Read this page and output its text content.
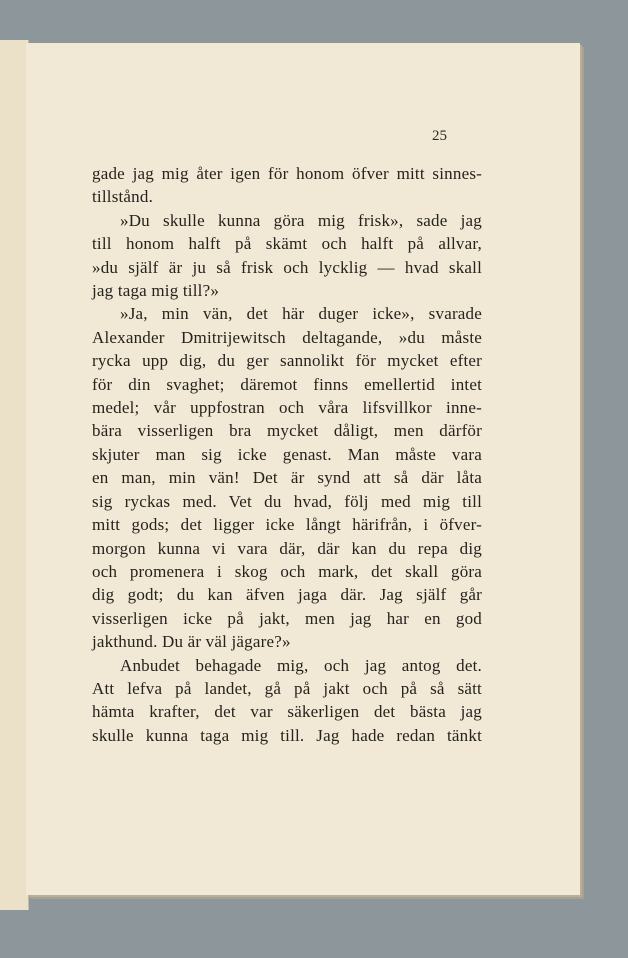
25
gade jag mig åter igen för honom öfver mitt sinnes-
tillstånd.
»Du skulle kunna göra mig frisk», sade jag
till honom halft på skämt och halft på allvar,
»du själf är ju så frisk och lycklig — hvad skall
jag taga mig till?»
»Ja, min vän, det här duger icke», svarade
Alexander Dmitrijewitsch deltagande, »du måste
rycka upp dig, du ger sannolikt för mycket efter
för din svaghet; däremot finns emellertid intet
medel; vår uppfostran och våra lifsvillkor inne-
bära visserligen bra mycket dåligt, men därför
skjuter man sig icke genast. Man måste vara
en man, min vän! Det är synd att så där låta
sig ryckas med. Vet du hvad, följ med mig till
mitt gods; det ligger icke långt härifrån, i öfver-
morgon kunna vi vara där, där kan du repa dig
och promenera i skog och mark, det skall göra
dig godt; du kan äfven jaga där. Jag själf går
visserligen icke på jakt, men jag har en god
jakthund. Du är väl jägare?»
Anbudet behagade mig, och jag antog det.
Att lefva på landet, gå på jakt och på så sätt
hämta krafter, det var säkerligen det bästa jag
skulle kunna taga mig till. Jag hade redan tänkt
